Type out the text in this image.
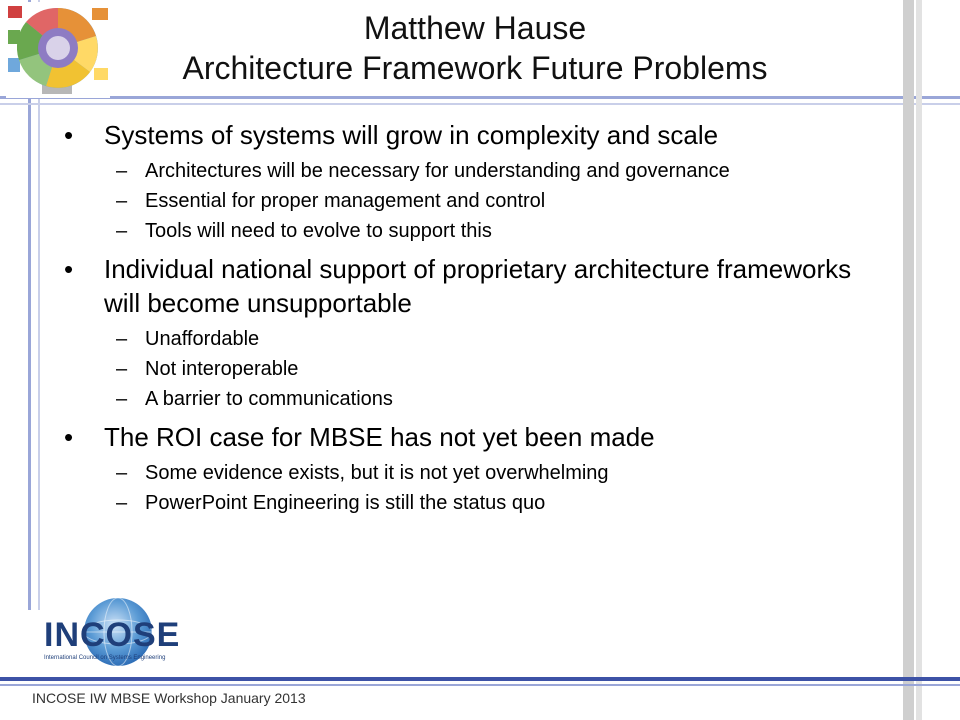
Matthew Hause
Architecture Framework Future Problems
• Systems of systems will grow in complexity and scale
– Architectures will be necessary for understanding and governance
– Essential for proper management and control
– Tools will need to evolve to support this
• Individual national support of proprietary architecture frameworks will become unsupportable
– Unaffordable
– Not interoperable
– A barrier to communications
• The ROI case for MBSE has not yet been made
– Some evidence exists, but it is not yet overwhelming
– PowerPoint Engineering is still the status quo
INCOSE
International Council on Systems Engineering
INCOSE IW MBSE Workshop January 2013
